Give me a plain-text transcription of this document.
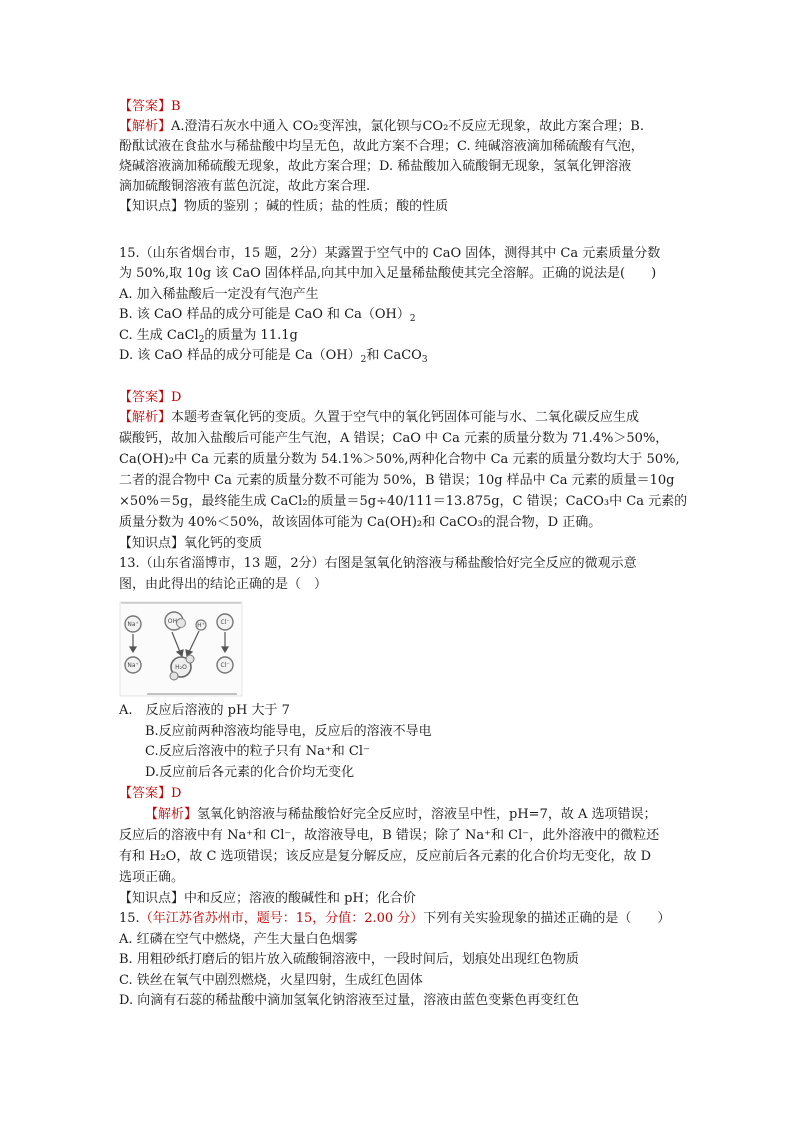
【答案】B
【解析】A.澄清石灰水中通入 CO₂变浑浊，氯化钡与CO₂不反应无现象，故此方案合理；B.
酚酞试液在食盐水与稀盐酸中均呈无色，故此方案不合理；C. 纯碱溶液滴加稀硫酸有气泡，
烧碱溶液滴加稀硫酸无现象，故此方案合理；D. 稀盐酸加入硫酸铜无现象，氢氧化钾溶液
滴加硫酸铜溶液有蓝色沉淀，故此方案合理.
【知识点】物质的鉴别 ；碱的性质；盐的性质；酸的性质
15.（山东省烟台市，15 题，2分）某露置于空气中的 CaO 固体，测得其中 Ca 元素质量分数
为 50%,取 10g 该 CaO 固体样品,向其中加入足量稀盐酸使其完全溶解。正确的说法是(　　)
A. 加入稀盐酸后一定没有气泡产生
B. 该 CaO 样品的成分可能是 CaO 和 $Ca(OH)_2$
C. 生成 CaCl$_2$的质量为 11.1g
D. 该 CaO 样品的成分可能是 $Ca(OH)_2$和 CaCO$_3$
【答案】D
【解析】本题考查氧化钙的变质。久置于空气中的氧化钙固体可能与水、二氧化碳反应生成
碳酸钙，故加入盐酸后可能产生气泡，A 错误；CaO 中 Ca 元素的质量分数为 71.4%＞50%，
Ca(OH)₂中 Ca 元素的质量分数为 54.1%＞50%,两种化合物中 Ca 元素的质量分数均大于 50%,
二者的混合物中 Ca 元素的质量分数不可能为 50%，B 错误；10g 样品中 Ca 元素的质量＝10g
×50%＝5g，最终能生成 CaCl₂的质量＝5g÷40/111＝13.875g，C 错误；CaCO₃中 Ca 元素的
质量分数为 40%＜50%，故该固体可能为 Ca(OH)₂和 CaCO₃的混合物，D 正确。
【知识点】氧化钙的变质
13.（山东省淄博市，13 题，2分）右图是氢氧化钠溶液与稀盐酸恰好完全反应的微观示意
图，由此得出的结论正确的是（　）
Na⁺	OH⁻
H⁺	Cl⁻
Na⁺	H₂O	Cl⁻
A.　反应后溶液的 pH 大于 7
B.反应前两种溶液均能导电，反应后的溶液不导电
C.反应后溶液中的粒子只有 Na⁺和 Cl⁻
D.反应前后各元素的化合价均无变化
【答案】D
【解析】氢氧化钠溶液与稀盐酸恰好完全反应时，溶液呈中性，pH=7，故 A 选项错误；
反应后的溶液中有 Na⁺和 Cl⁻，故溶液导电，B 错误；除了 Na⁺和 Cl⁻，此外溶液中的微粒还
有和 H₂O，故 C 选项错误；该反应是复分解反应，反应前后各元素的化合价均无变化，故 D
选项正确。
【知识点】中和反应；溶液的酸碱性和 pH；化合价
15.（年江苏省苏州市，题号：15，分值：2.00 分）下列有关实验现象的描述正确的是（　　）
A. 红磷在空气中燃烧，产生大量白色烟雾
B. 用粗砂纸打磨后的铝片放入硫酸铜溶液中，一段时间后，划痕处出现红色物质
C. 铁丝在氧气中剧烈燃烧，火星四射，生成红色固体
D. 向滴有石蕊的稀盐酸中滴加氢氧化钠溶液至过量，溶液由蓝色变紫色再变红色
